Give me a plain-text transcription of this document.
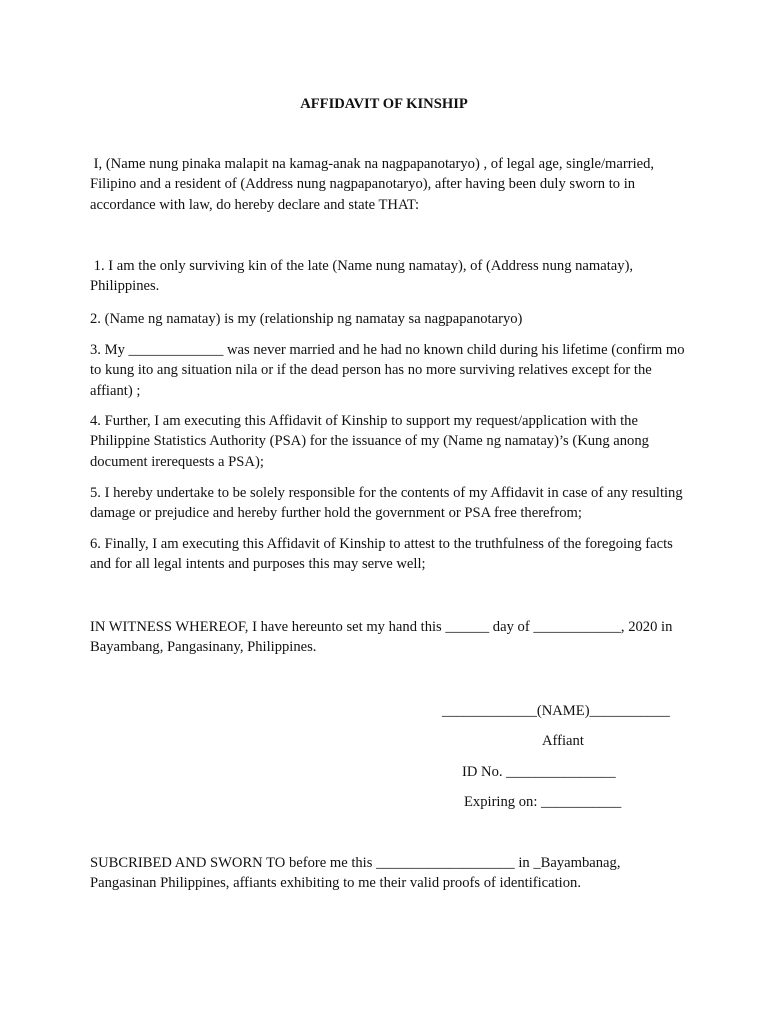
AFFIDAVIT OF KINSHIP

I, (Name nung pinaka malapit na kamag-anak na nagpapanotaryo) , of legal age, single/married, Filipino and a resident of (Address nung nagpapanotaryo), after having been duly sworn to in accordance with law, do hereby declare and state THAT:

1. I am the only surviving kin of the late (Name nung namatay), of (Address nung namatay), Philippines.

2. (Name ng namatay) is my (relationship ng namatay sa nagpapanotaryo)

3. My _____________ was never married and he had no known child during his lifetime (confirm mo to kung ito ang situation nila or if the dead person has no more surviving relatives except for the affiant) ;

4. Further, I am executing this Affidavit of Kinship to support my request/application with the Philippine Statistics Authority (PSA) for the issuance of my (Name ng namatay)’s (Kung anong document irerequests a PSA);

5. I hereby undertake to be solely responsible for the contents of my Affidavit in case of any resulting damage or prejudice and hereby further hold the government or PSA free therefrom;

6. Finally, I am executing this Affidavit of Kinship to attest to the truthfulness of the foregoing facts and for all legal intents and purposes this may serve well;

IN WITNESS WHEREOF, I have hereunto set my hand this ______ day of ____________, 2020 in Bayambang, Pangasinany, Philippines.

_____________(NAME)___________

Affiant

ID No. _______________

Expiring on: ___________

SUBCRIBED AND SWORN TO before me this ___________________ in _Bayambanag, Pangasinan Philippines, affiants exhibiting to me their valid proofs of identification.
